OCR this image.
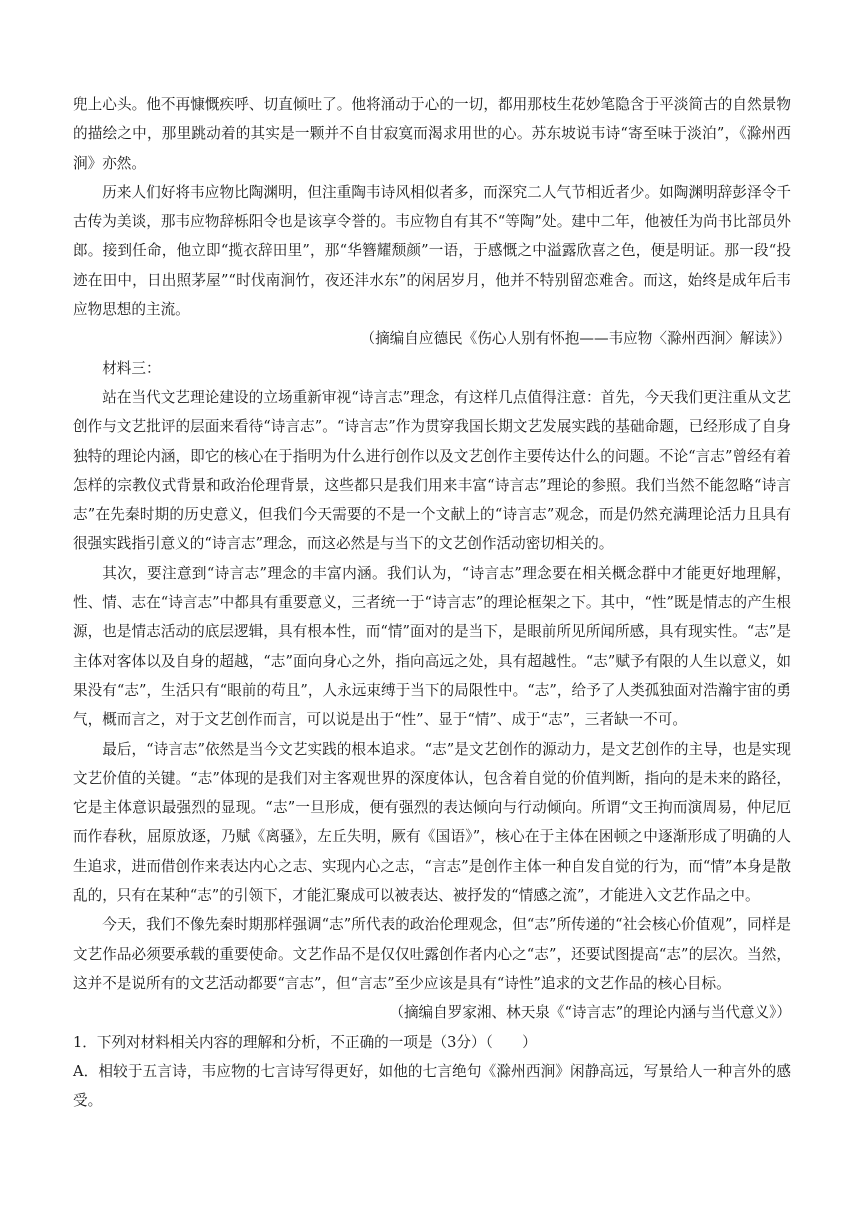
兜上心头。他不再慷慨疾呼、切直倾吐了。他将涌动于心的一切，都用那枝生花妙笔隐含于平淡简古的自然景物的描绘之中，那里跳动着的其实是一颗并不自甘寂寞而渴求用世的心。苏东坡说韦诗“寄至味于淡泊”，《滁州西涧》亦然。

历来人们好将韦应物比陶渊明，但注重陶韦诗风相似者多，而深究二人气节相近者少。如陶渊明辞彭泽令千古传为美谈，那韦应物辞栎阳令也是该享令誉的。韦应物自有其不“等陶”处。建中二年，他被任为尚书比部员外郎。接到任命，他立即“揽衣辞田里”，那“华簪耀颓颜”一语，于感慨之中溢露欣喜之色，便是明证。那一段“投迹在田中，日出照茅屋”“时伐南涧竹，夜还沣水东”的闲居岁月，他并不特别留恋难舍。而这，始终是成年后韦应物思想的主流。

（摘编自应德民《伤心人别有怀抱——韦应物〈滁州西涧〉解读》）

材料三：

站在当代文艺理论建设的立场重新审视“诗言志”理念，有这样几点值得注意：首先，今天我们更注重从文艺创作与文艺批评的层面来看待“诗言志”。“诗言志”作为贯穿我国长期文艺发展实践的基础命题，已经形成了自身独特的理论内涵，即它的核心在于指明为什么进行创作以及文艺创作主要传达什么的问题。不论“言志”曾经有着怎样的宗教仪式背景和政治伦理背景，这些都只是我们用来丰富“诗言志”理论的参照。我们当然不能忽略“诗言志”在先秦时期的历史意义，但我们今天需要的不是一个文献上的“诗言志”观念，而是仍然充满理论活力且具有很强实践指引意义的“诗言志”理念，而这必然是与当下的文艺创作活动密切相关的。

其次，要注意到“诗言志”理念的丰富内涵。我们认为，“诗言志”理念要在相关概念群中才能更好地理解，性、情、志在“诗言志”中都具有重要意义，三者统一于“诗言志”的理论框架之下。其中，“性”既是情志的产生根源，也是情志活动的底层逻辑，具有根本性，而“情”面对的是当下，是眼前所见所闻所感，具有现实性。“志”是主体对客体以及自身的超越，“志”面向身心之外，指向高远之处，具有超越性。“志”赋予有限的人生以意义，如果没有“志”，生活只有“眼前的苟且”，人永远束缚于当下的局限性中。“志”，给予了人类孤独面对浩瀚宇宙的勇气，概而言之，对于文艺创作而言，可以说是出于“性”、显于“情”、成于“志”，三者缺一不可。

最后，“诗言志”依然是当今文艺实践的根本追求。“志”是文艺创作的源动力，是文艺创作的主导，也是实现文艺价值的关键。“志”体现的是我们对主客观世界的深度体认，包含着自觉的价值判断，指向的是未来的路径，它是主体意识最强烈的显现。“志”一旦形成，便有强烈的表达倾向与行动倾向。所谓“文王拘而演周易，仲尼厄而作春秋，屈原放逐，乃赋《离骚》，左丘失明，厥有《国语》”，核心在于主体在困顿之中逐渐形成了明确的人生追求，进而借创作来表达内心之志、实现内心之志，“言志”是创作主体一种自发自觉的行为，而“情”本身是散乱的，只有在某种“志”的引领下，才能汇聚成可以被表达、被抒发的“情感之流”，才能进入文艺作品之中。

今天，我们不像先秦时期那样强调“志”所代表的政治伦理观念，但“志”所传递的“社会核心价值观”，同样是文艺作品必须要承载的重要使命。文艺作品不是仅仅吐露创作者内心之“志”，还要试图提高“志”的层次。当然，这并不是说所有的文艺活动都要“言志”，但“言志”至少应该是具有“诗性”追求的文艺作品的核心目标。

（摘编自罗家湘、林天泉《“诗言志”的理论内涵与当代意义》）

1．下列对材料相关内容的理解和分析，不正确的一项是（3分）（　　）

A．相较于五言诗，韦应物的七言诗写得更好，如他的七言绝句《滁州西涧》闲静高远，写景给人一种言外的感受。
